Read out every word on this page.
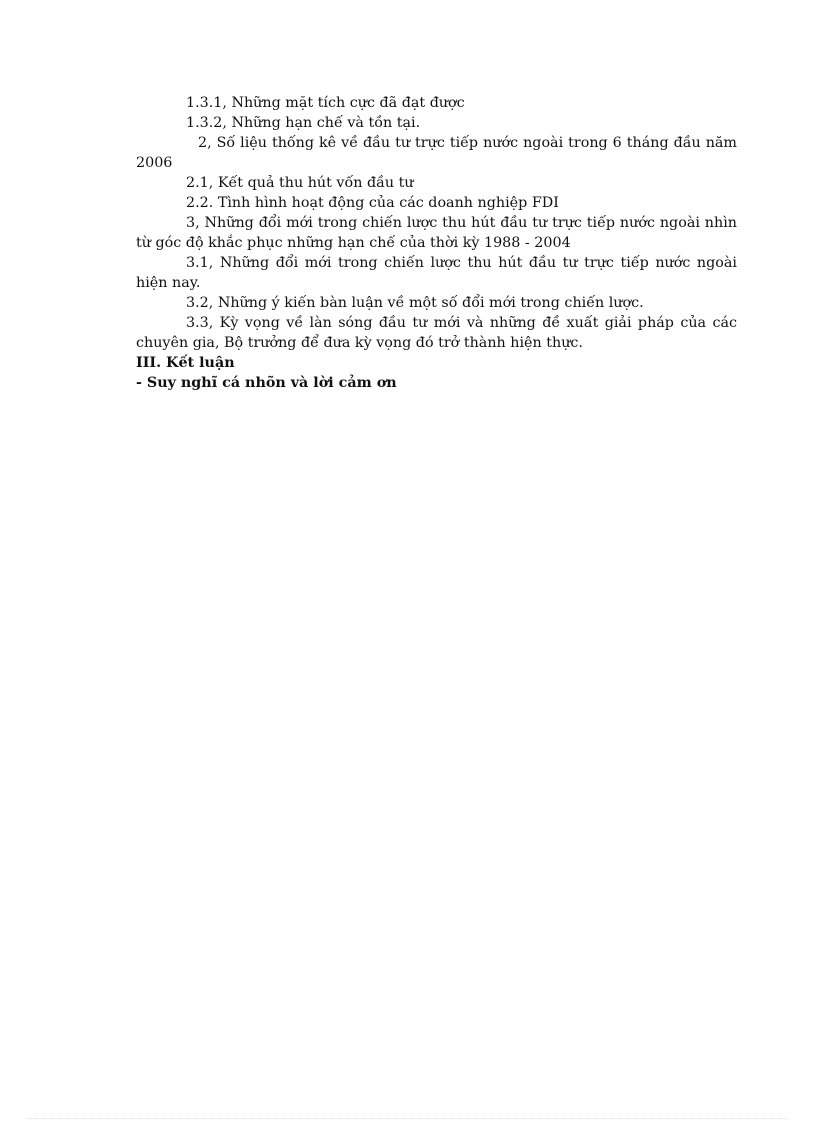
1.3.1, Những mặt tích cực đã đạt được

1.3.2, Những hạn chế và tồn tại.

2, Số liệu thống kê về đầu tư trực tiếp nước ngoài trong 6 tháng đầu năm 2006

2.1, Kết quả thu hút vốn đầu tư

2.2. Tình hình hoạt động của các doanh nghiệp FDI

3, Những đổi mới trong chiến lược thu hút đầu tư trực tiếp nước ngoài nhìn từ góc độ khắc phục những hạn chế của thời kỳ 1988 - 2004

3.1, Những đổi mới trong chiến lược thu hút đầu tư trực tiếp nước ngoài hiện nay.

3.2, Những ý kiến bàn luận về một số đổi mới trong chiến lược.

3.3, Kỳ vọng về làn sóng đầu tư mới và những đề xuất giải pháp của các chuyên gia, Bộ trưởng để đưa kỳ vọng đó trở thành hiện thực.

III. Kết luận

- Suy nghĩ cá nhõn và lời cảm ơn
